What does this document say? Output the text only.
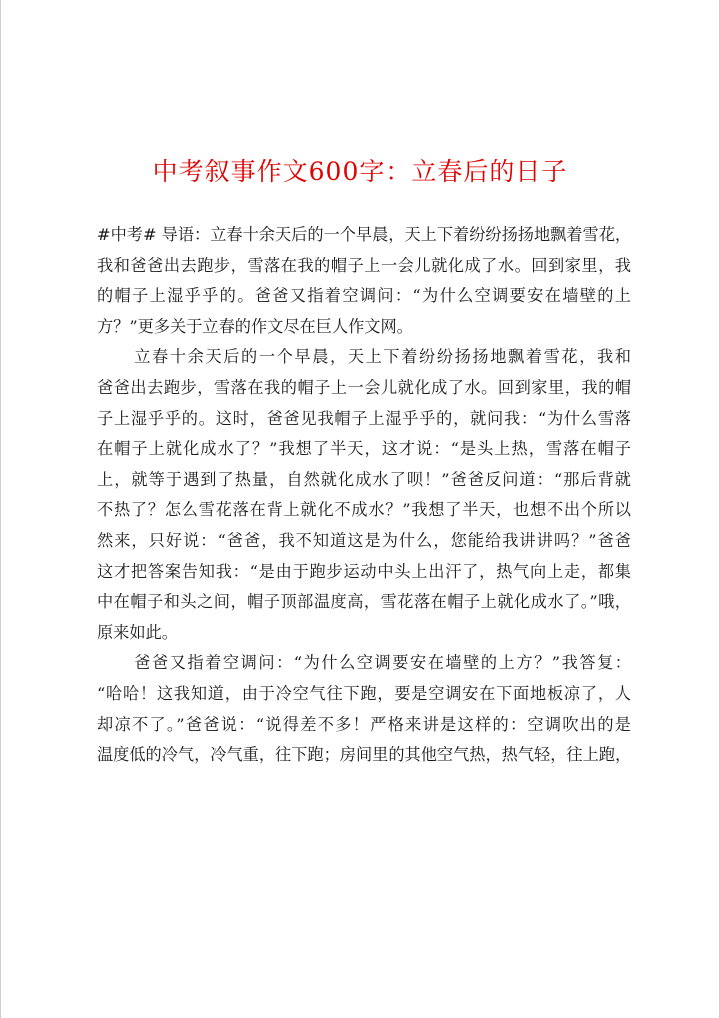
中考叙事作文600字：立春后的日子

#中考# 导语：立春十余天后的一个早晨，天上下着纷纷扬扬地飘着雪花，
我和爸爸出去跑步，雪落在我的帽子上一会儿就化成了水。回到家里，我
的帽子上湿乎乎的。爸爸又指着空调问：“为什么空调要安在墙壁的上
方？”更多关于立春的作文尽在巨人作文网。

立春十余天后的一个早晨，天上下着纷纷扬扬地飘着雪花，我和
爸爸出去跑步，雪落在我的帽子上一会儿就化成了水。回到家里，我的帽
子上湿乎乎的。这时，爸爸见我帽子上湿乎乎的，就问我：“为什么雪落
在帽子上就化成水了？”我想了半天，这才说：“是头上热，雪落在帽子
上，就等于遇到了热量，自然就化成水了呗！”爸爸反问道：“那后背就
不热了？怎么雪花落在背上就化不成水？”我想了半天，也想不出个所以
然来，只好说：“爸爸，我不知道这是为什么，您能给我讲讲吗？”爸爸
这才把答案告知我：“是由于跑步运动中头上出汗了，热气向上走，都集
中在帽子和头之间，帽子顶部温度高，雪花落在帽子上就化成水了。”哦，
原来如此。

爸爸又指着空调问：“为什么空调要安在墙壁的上方？”我答复：
“哈哈！这我知道，由于冷空气往下跑，要是空调安在下面地板凉了，人
却凉不了。”爸爸说：“说得差不多！严格来讲是这样的：空调吹出的是
温度低的冷气，冷气重，往下跑；房间里的其他空气热，热气轻，往上跑，
